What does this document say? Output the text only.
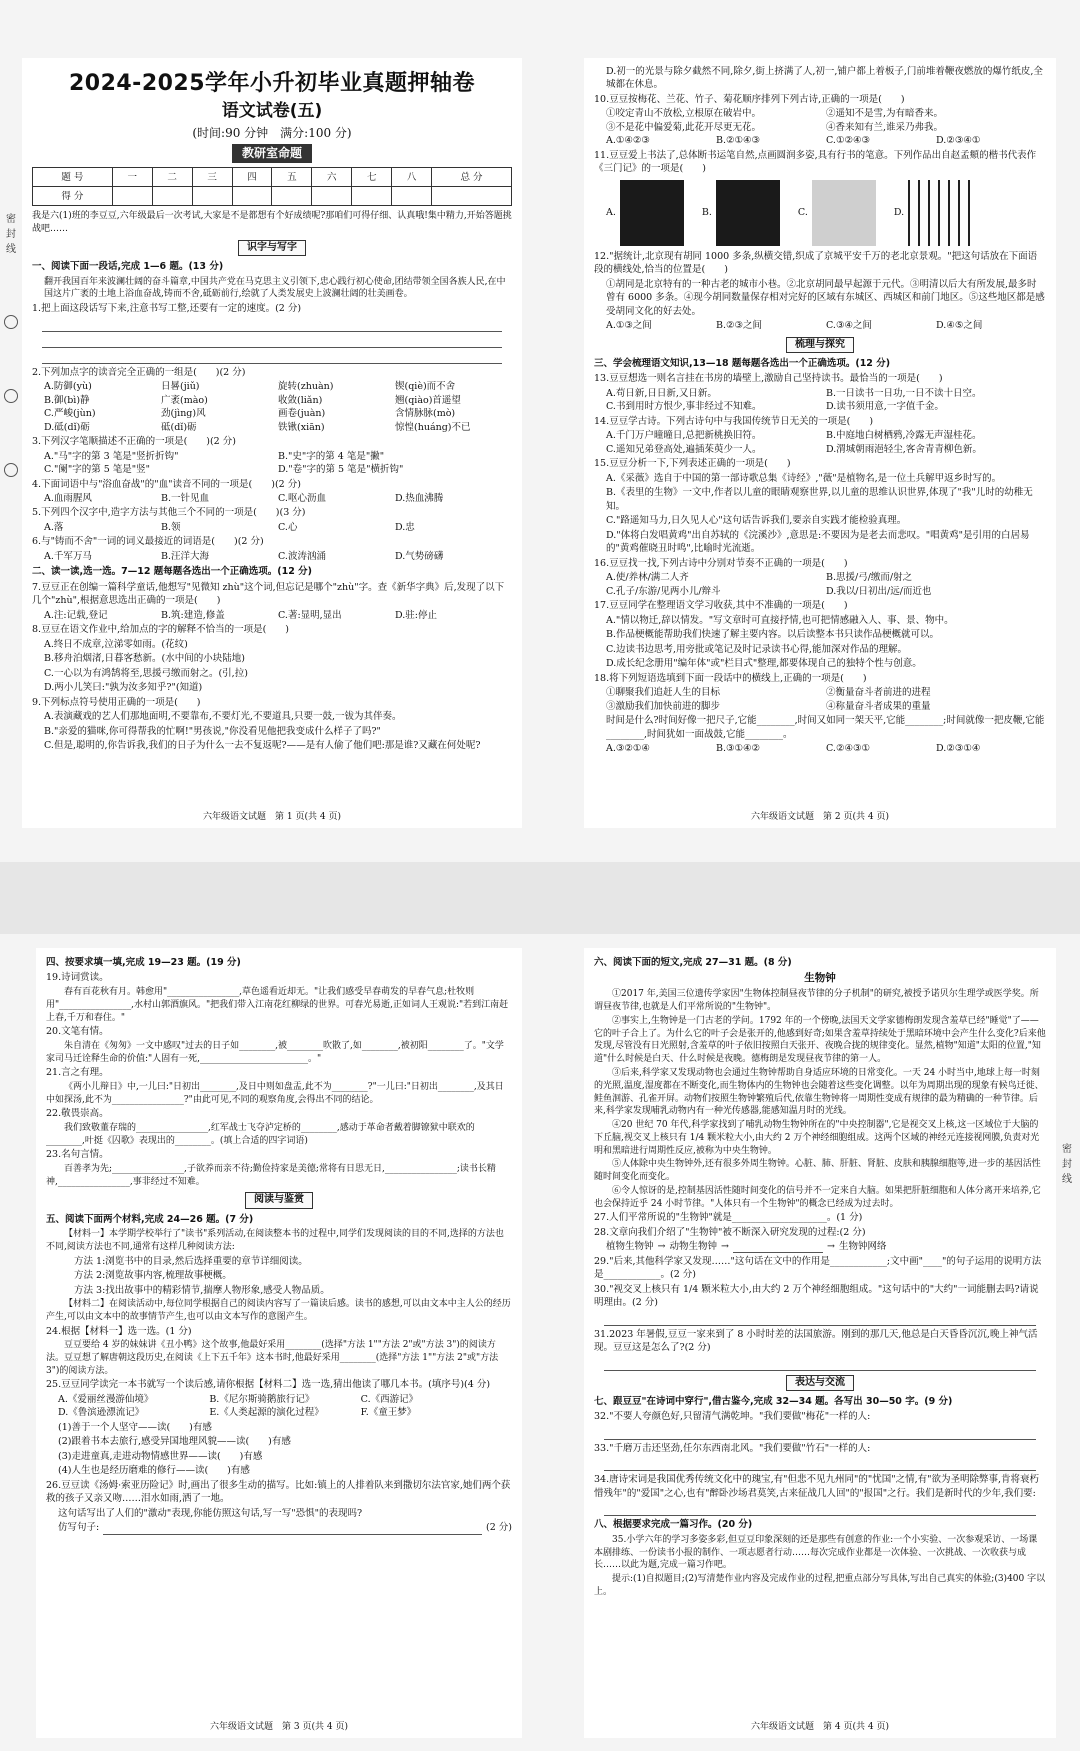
密 封 线
密 封 线
2024-2025学年小升初毕业真题押轴卷
语文试卷(五)
(时间:90 分钟　满分:100 分)
教研室命题
题 号	一	二	三	四	五	六	七	八	总 分
得 分									
我是六(1)班的李豆豆,六年级最后一次考试,大家是不是都想有个好成绩呢?那咱们可得仔细、认真哦!集中精力,开始答题挑战吧……
识字与写字
一、阅读下面一段话,完成 1—6 题。(13 分)
翻开我国百年来波澜壮阔的奋斗篇章,中国共产党在马克思主义引领下,忠心践行初心使命,团结带领全国各族人民,在中国这片广袤的土地上浴血奋战,铸而不舍,砥砺前行,绘就了人类发展史上波澜壮阔的壮美画卷。
1.把上面这段话写下来,注意书写工整,还要有一定的速度。(2 分)
2.下列加点字的读音完全正确的一组是(　　)(2 分)
A.防御(yù)	日晷(jiǔ)	旋转(zhuàn)	锲(qiè)而不舍
B.御(bì)静	广袤(mào)	收敛(liǎn)	翘(qiào)首遥望
C.严峻(jùn)	劲(jìng)风	画卷(juàn)	含情脉脉(mò)
D.砥(dǐ)砺	砥(dǐ)砺	铁锹(xiān)	惊惶(huáng)不已
3.下列汉字笔顺描述不正确的一项是(　　)(2 分)
A."马"字的第 3 笔是"竖折折钩"	B."史"字的第 4 笔是"撇"
C."阑"字的第 5 笔是"竖"	D."卷"字的第 5 笔是"横折钩"
4.下面词语中与"浴血奋战"的"血"读音不同的一项是(　　)(2 分)
A.血雨腥风	B.一针见血	C.呕心沥血	D.热血沸腾
5.下列四个汉字中,造字方法与其他三个不同的一项是(　　)(3 分)
A.落	B.领	C.心	D.忠
6.与"铸而不舍"一词的词义最接近的词语是(　　)(2 分)
A.千军万马	B.汪洋大海	C.波涛汹涌	D.气势磅礴
二、读一读,选一选。7—12 题每题各选出一个正确选项。(12 分)
7.豆豆正在创编一篇科学童话,他想写"见微知 zhù"这个词,但忘记是哪个"zhù"字。查《新华字典》后,发现了以下几个"zhù",根据意思选出正确的一项是(　　)
A.注:记载,登记	B.筑:建造,修盖	C.著:显明,显出	D.驻:停止
8.豆豆在语文作业中,给加点的字的解释不恰当的一项是(　　)
A.终日不成章,泣涕零如雨。(花纹)
B.移舟泊烟渚,日暮客愁新。(水中间的小块陆地)
C.一心以为有鸿鹄将至,思援弓缴而射之。(引,拉)
D.两小儿笑曰:"孰为汝多知乎?"(知道)
9.下列标点符号使用正确的一项是(　　)
A.表演藏戏的艺人们那地面明,不要靠布,不要灯光,不要道具,只要一鼓,一钹为其伴奏。
B."亲爱的猫咪,你可得帮我的忙啊!"男孩说,"你没看见他把我变成什么样子了吗?"
C.但是,聪明的,你告诉我,我们的日子为什么一去不复返呢?——是有人偷了他们吧:那是谁?又藏在何处呢?
六年级语文试题　第 1 页(共 4 页)
D.初一的光景与除夕截然不同,除夕,街上挤满了人,初一,铺户都上着板子,门前堆着鞭夜燃放的爆竹纸皮,全城都在休息。
10.豆豆按梅花、兰花、竹子、菊花顺序排列下列古诗,正确的一项是(　　)
①咬定青山不放松,立根原在破岩中。	②遥知不是雪,为有暗香来。
③不是花中偏爱菊,此花开尽更无花。	④香来知有兰,谁采乃弗我。
A.①④②③	B.②①④③	C.①②④③	D.②③④①
11.豆豆爱上书法了,总体断书运笔自然,点画圆润多姿,具有行书的笔意。下列作品出自赵孟頫的楷书代表作《三门记》的一项是(　　)
A.	B.	C.	D.
12."据统计,北京现有胡同 1000 多条,纵横交错,织成了京城平安千万的老北京景观。"把这句话放在下面语段的横线处,恰当的位置是(　　)
①胡同是北京特有的一种古老的城市小巷。②北京胡同最早起源于元代。③明清以后大有所发展,最多时曾有 6000 多条。④现今胡同数量保存相对完好的区域有东城区、西城区和前门地区。⑤这些地区都是感受胡同文化的好去处。
A.①③之间	B.②③之间	C.③④之间	D.④⑤之间
梳理与探究
三、学会梳理语文知识,13—18 题每题各选出一个正确选项。(12 分)
13.豆豆想选一则名言挂在书房的墙壁上,激励自己坚持读书。最恰当的一项是(　　)
A.苟日新,日日新,又日新。	B.一日读书一日功,一日不读十日空。
C.书到用时方恨少,事非经过不知难。	D.读书须用意,一字值千金。
14.豆豆学古诗。下列古诗句中与我国传统节日无关的一项是(　　)
A.千门万户曈曈日,总把新桃换旧符。	B.中庭地白树栖鸦,冷露无声湿桂花。
C.遥知兄弟登高处,遍插茱萸少一人。	D.渭城朝雨浥轻尘,客舍青青柳色新。
15.豆豆分析一下,下列表述正确的一项是(　　)
A.《采薇》选自于中国的第一部诗歌总集《诗经》,"薇"是植物名,是一位土兵解甲返乡时写的。
B.《表里的生物》一文中,作者以儿童的眼睛观察世界,以儿童的思维认识世界,体现了"我"儿时的幼稚无知。
C."路遥知马力,日久见人心"这句话告诉我们,要亲自实践才能检验真理。
D."体将白发唱黄鸡"出自苏轼的《浣溪沙》,意思是:不要因为是老去而悲叹。"唱黄鸡"是引用的白居易的"黄鸡催晓丑时鸣",比喻时光流逝。
16.豆豆找一找,下列古诗中分别对节奏不正确的一项是(　　)
A.使/养林/满二人齐	B.思援/弓/缴而/射之
C.孔子/东游/见两小儿/辩斗	D.我以/日初出/远/而近也
17.豆豆同学在整理语文学习收获,其中不准确的一项是(　　)
A."情以物迁,辞以情发。"写文章时可直接抒情,也可把情感融入人、事、景、物中。
B.作品梗概能帮助我们快速了解主要内容。以后读整本书只读作品梗概就可以。
C.边读书边思考,用旁批或笔记及时记录读书心得,能加深对作品的理解。
D.成长纪念册用"编年体"或"栏目式"整理,都要体现自己的独特个性与创意。
18.将下列短语选填到下面一段话中的横线上,正确的一项是(　　)
①聊聚我们追赶人生的目标	②衡量奋斗者前进的进程
③激励我们加快前进的脚步	④称量奋斗者成果的重量
时间是什么?时间好像一把尺子,它能________,时间又如同一架天平,它能________;时间就像一把皮鞭,它能________,时间犹如一面战鼓,它能________。
A.③②①④	B.③①④②	C.②④③①	D.②③①④
六年级语文试题　第 2 页(共 4 页)
四、按要求填一填,完成 19—23 题。(19 分)
19.诗词赏读。
春有百花秋有月。韩愈用"________________,草色遥看近却无。"让我们感受早春萌发的早春气息;杜牧则用"________________,水村山郭酒旗风。"把我们带入江南花红柳绿的世界。可春光易逝,正如词人王观说:"若到江南赶上春,千万和春住。"
20.文笔有情。
朱自清在《匆匆》一文中感叹"过去的日子如________,被________吹散了,如________,被初阳________了。"文学家司马迁诠释生命的价值:"人固有一死,________________________。"
21.言之有理。
《两小儿辩日》中,一儿曰:"日初出________,及日中则如盘盂,此不为________?"一儿曰:"日初出________,及其日中如探汤,此不为________________?"由此可见,不同的观察角度,会得出不同的结论。
22.敬畏崇高。
我们致敬董存瑞的________________,红军战士飞夺泸定桥的________,感动于革命者戴着脚镣狱中联欢的________,叶挺《囚歌》表现出的________。(填上合适的四字词语)
23.名句言情。
百善孝为先;________________,子欲养而亲不待;勤俭持家是美德;常将有日思无日,________________;读书长精神,________________,事非经过不知难。
阅读与鉴赏
五、阅读下面两个材料,完成 24—26 题。(7 分)
【材料一】本学期学校举行了"读书"系列活动,在阅读整本书的过程中,同学们发现阅读的目的不同,选择的方法也不同,阅读方法也不同,通常有这样几种阅读方法:
方法 1:浏览书中的目录,然后选择重要的章节详细阅读。
方法 2:浏览故事内容,梳理故事梗概。
方法 3:找出故事中的精彩情节,揣摩人物形象,感受人物品质。
【材料二】在阅读活动中,每位同学根据自己的阅读内容写了一篇读后感。读书的感想,可以由文本中主人公的经历产生,可以由文本中的故事情节产生,也可以由文本写作的意图产生。
24.根据【材料一】选一选。(1 分)
豆豆要给 4 岁的妹妹讲《丑小鸭》这个故事,他最好采用________(选择"方法 1""方法 2"或"方法 3")的阅读方法。豆豆想了解唐朝这段历史,在阅读《上下五千年》这本书时,他最好采用________(选择"方法 1""方法 2"或"方法 3")的阅读方法。
25.豆豆同学读完一本书就写一个读后感,请你根据【材料二】选一选,猜出他读了哪几本书。(填序号)(4 分)
A.《爱丽丝漫游仙境》	B.《尼尔斯骑鹅旅行记》	C.《西游记》
D.《鲁滨逊漂流记》	E.《人类起源的演化过程》	F.《童王梦》
(1)善于一个人坚守——读(　　)有感
(2)跟着书本去旅行,感受异国地理风貌——读(　　)有感
(3)走进童真,走进动物情感世界——读(　　)有感
(4)人生也是经历磨难的修行——读(　　)有感
26.豆豆读《汤姆·索亚历险记》时,画出了很多生动的描写。比如:镇上的人排着队来到撒切尔法官家,她们两个获救的孩子又亲又吻……泪水如雨,洒了一地。
这句话写出了人们的"激动"表现,你能仿照这句话,写一写"恐惧"的表现吗?
仿写句子:	(2 分)
六年级语文试题　第 3 页(共 4 页)
六、阅读下面的短文,完成 27—31 题。(8 分)
生物钟
①2017 年,美国三位遗传学家因"生物体控制昼夜节律的分子机制"的研究,被授予诺贝尔生理学或医学奖。所谓昼夜节律,也就是人们平常所说的"生物钟"。
②事实上,生物钟是一门古老的学问。1792 年的一个傍晚,法国天文学家德梅朗发现含羞草已经"睡觉"了——它的叶子合上了。为什么它的叶子会是张开的,他感到好奇;如果含羞草持续处于黑暗环境中会产生什么变化?后来他发现,尽管没有日光照射,含羞草的叶子依旧按照白天张开、夜晚合拢的规律变化。显然,植物"知道"太阳的位置,"知道"什么时候是白天、什么时候是夜晚。德梅朗是发现昼夜节律的第一人。
③后来,科学家又发现动物也会通过生物钟帮助自身适应环境的日常变化。一天 24 小时当中,地球上每一时刻的光照,温度,湿度都在不断变化,而生物体内的生物钟也会随着这些变化调整。以年为周期出现的现象有候鸟迁徙、鲑鱼洄游、孔雀开屏。动物们按照生物钟繁殖后代,依靠生物钟将一周期性变成有规律的最为精确的一种节律。后来,科学家发现哺乳动物内有一种光传感器,能感知温月时的光线。
④20 世纪 70 年代,科学家找到了哺乳动物生物钟所在的"中央控制器",它是视交叉上核,这一区域位于大脑的下丘脑,视交叉上核只有 1/4 颗米粒大小,由大约 2 万个神经细胞组成。这两个区域的神经元连接视网膜,负责对光明和黑暗进行周期性反应,被称为中央生物钟。
⑤人体除中央生物钟外,还有很多外周生物钟。心脏、肺、肝脏、肾脏、皮肤和胰腺细胞等,进一步的基因活性随时间变化而变化。
⑥令人惊讶的是,控制基因活性随时间变化的信号并不一定来自大脑。如果把肝脏细胞和人体分离开来培养,它也会保持近乎 24 小时节律。"人体只有一个生物钟"的概念已经成为过去时。
27.人们平常所说的"生物钟"就是____________________。(1 分)
28.文章向我们介绍了"生物钟"被不断深入研究发现的过程:(2 分)
植物生物钟 → 动物生物钟 →	→ 生物钟网络
29."后来,其他科学家又发现……"这句话在文中的作用是____________;文中画"____"的句子运用的说明方法是____________。(2 分)
30."视交叉上核只有 1/4 颗米粒大小,由大约 2 万个神经细胞组成。"这句话中的"大约"一词能删去吗?请说明理由。(2 分)
31.2023 年暑假,豆豆一家来到了 8 小时时差的法国旅游。刚到的那几天,他总是白天昏昏沉沉,晚上神气活现。豆豆这是怎么了?(2 分)
表达与交流
七、跟豆豆"在诗词中穿行",借古鉴今,完成 32—34 题。各写出 30—50 字。(9 分)
32."不要人夸颜色好,只留清气满乾坤。"我们要做"梅花"一样的人:
33."千磨万击还坚劲,任尔东西南北风。"我们要做"竹石"一样的人:
34.唐诗宋词是我国优秀传统文化中的瑰宝,有"但悲不见九州同"的"忧国"之情,有"欲为圣明除弊事,肯将衰朽惜残年"的"爱国"之心,也有"醉卧沙场君莫笑,古来征战几人回"的"报国"之行。我们是新时代的少年,我们要:
八、根据要求完成一篇习作。(20 分)
35.小学六年的学习多姿多彩,但豆豆印象深刻的还是那些有创意的作业:一个小实验、一次参观采访、一场课本剧排练、一份读书小报的制作、一项志愿者行动……每次完成作业都是一次体验、一次挑战、一次收获与成长……以此为题,完成一篇习作吧。
提示:(1)自拟题目;(2)写清楚作业内容及完成作业的过程,把重点部分写具体,写出自己真实的体验;(3)400 字以上。
六年级语文试题　第 4 页(共 4 页)
